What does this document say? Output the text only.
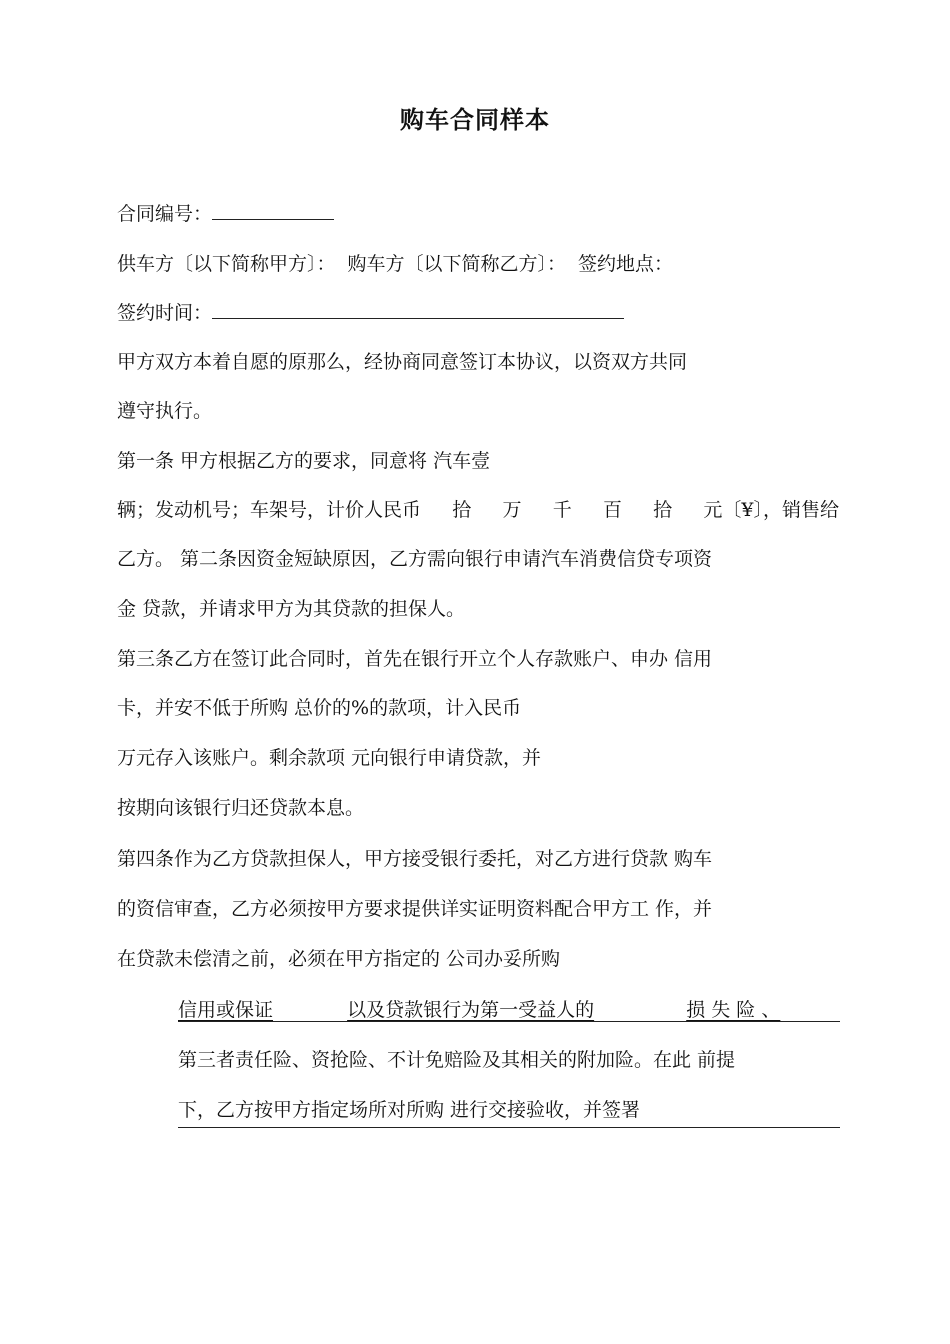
购车合同样本
合同编号：
供车方〔以下简称甲方〕： 购车方〔以下简称乙方〕： 签约地点：
签约时间：
甲方双方本着自愿的原那么，经协商同意签订本协议，以资双方共同
遵守执行。
第一条 甲方根据乙方的要求，同意将 汽车壹
辆；发动机号；车架号，计价人民币 拾 万 千 百 拾 元〔¥〕，销售给
乙方。 第二条因资金短缺原因，乙方需向银行申请汽车消费信贷专项资
金 贷款，并请求甲方为其贷款的担保人。
第三条乙方在签订此合同时，首先在银行开立个人存款账户、申办 信用
卡，并安不低于所购 总价的%的款项，计入民币
万元存入该账户。剩余款项 元向银行申请贷款，并
按期向该银行归还贷款本息。
第四条作为乙方贷款担保人，甲方接受银行委托，对乙方进行贷款 购车
的资信审查，乙方必须按甲方要求提供详实证明资料配合甲方工 作，并
在贷款未偿清之前，必须在甲方指定的 公司办妥所购
信用或保证	以及贷款银行为第一受益人的	损 失 险 、
第三者责任险、资抢险、不计免赔险及其相关的附加险。在此 前提
下，乙方按甲方指定场所对所购 进行交接验收，并签署
